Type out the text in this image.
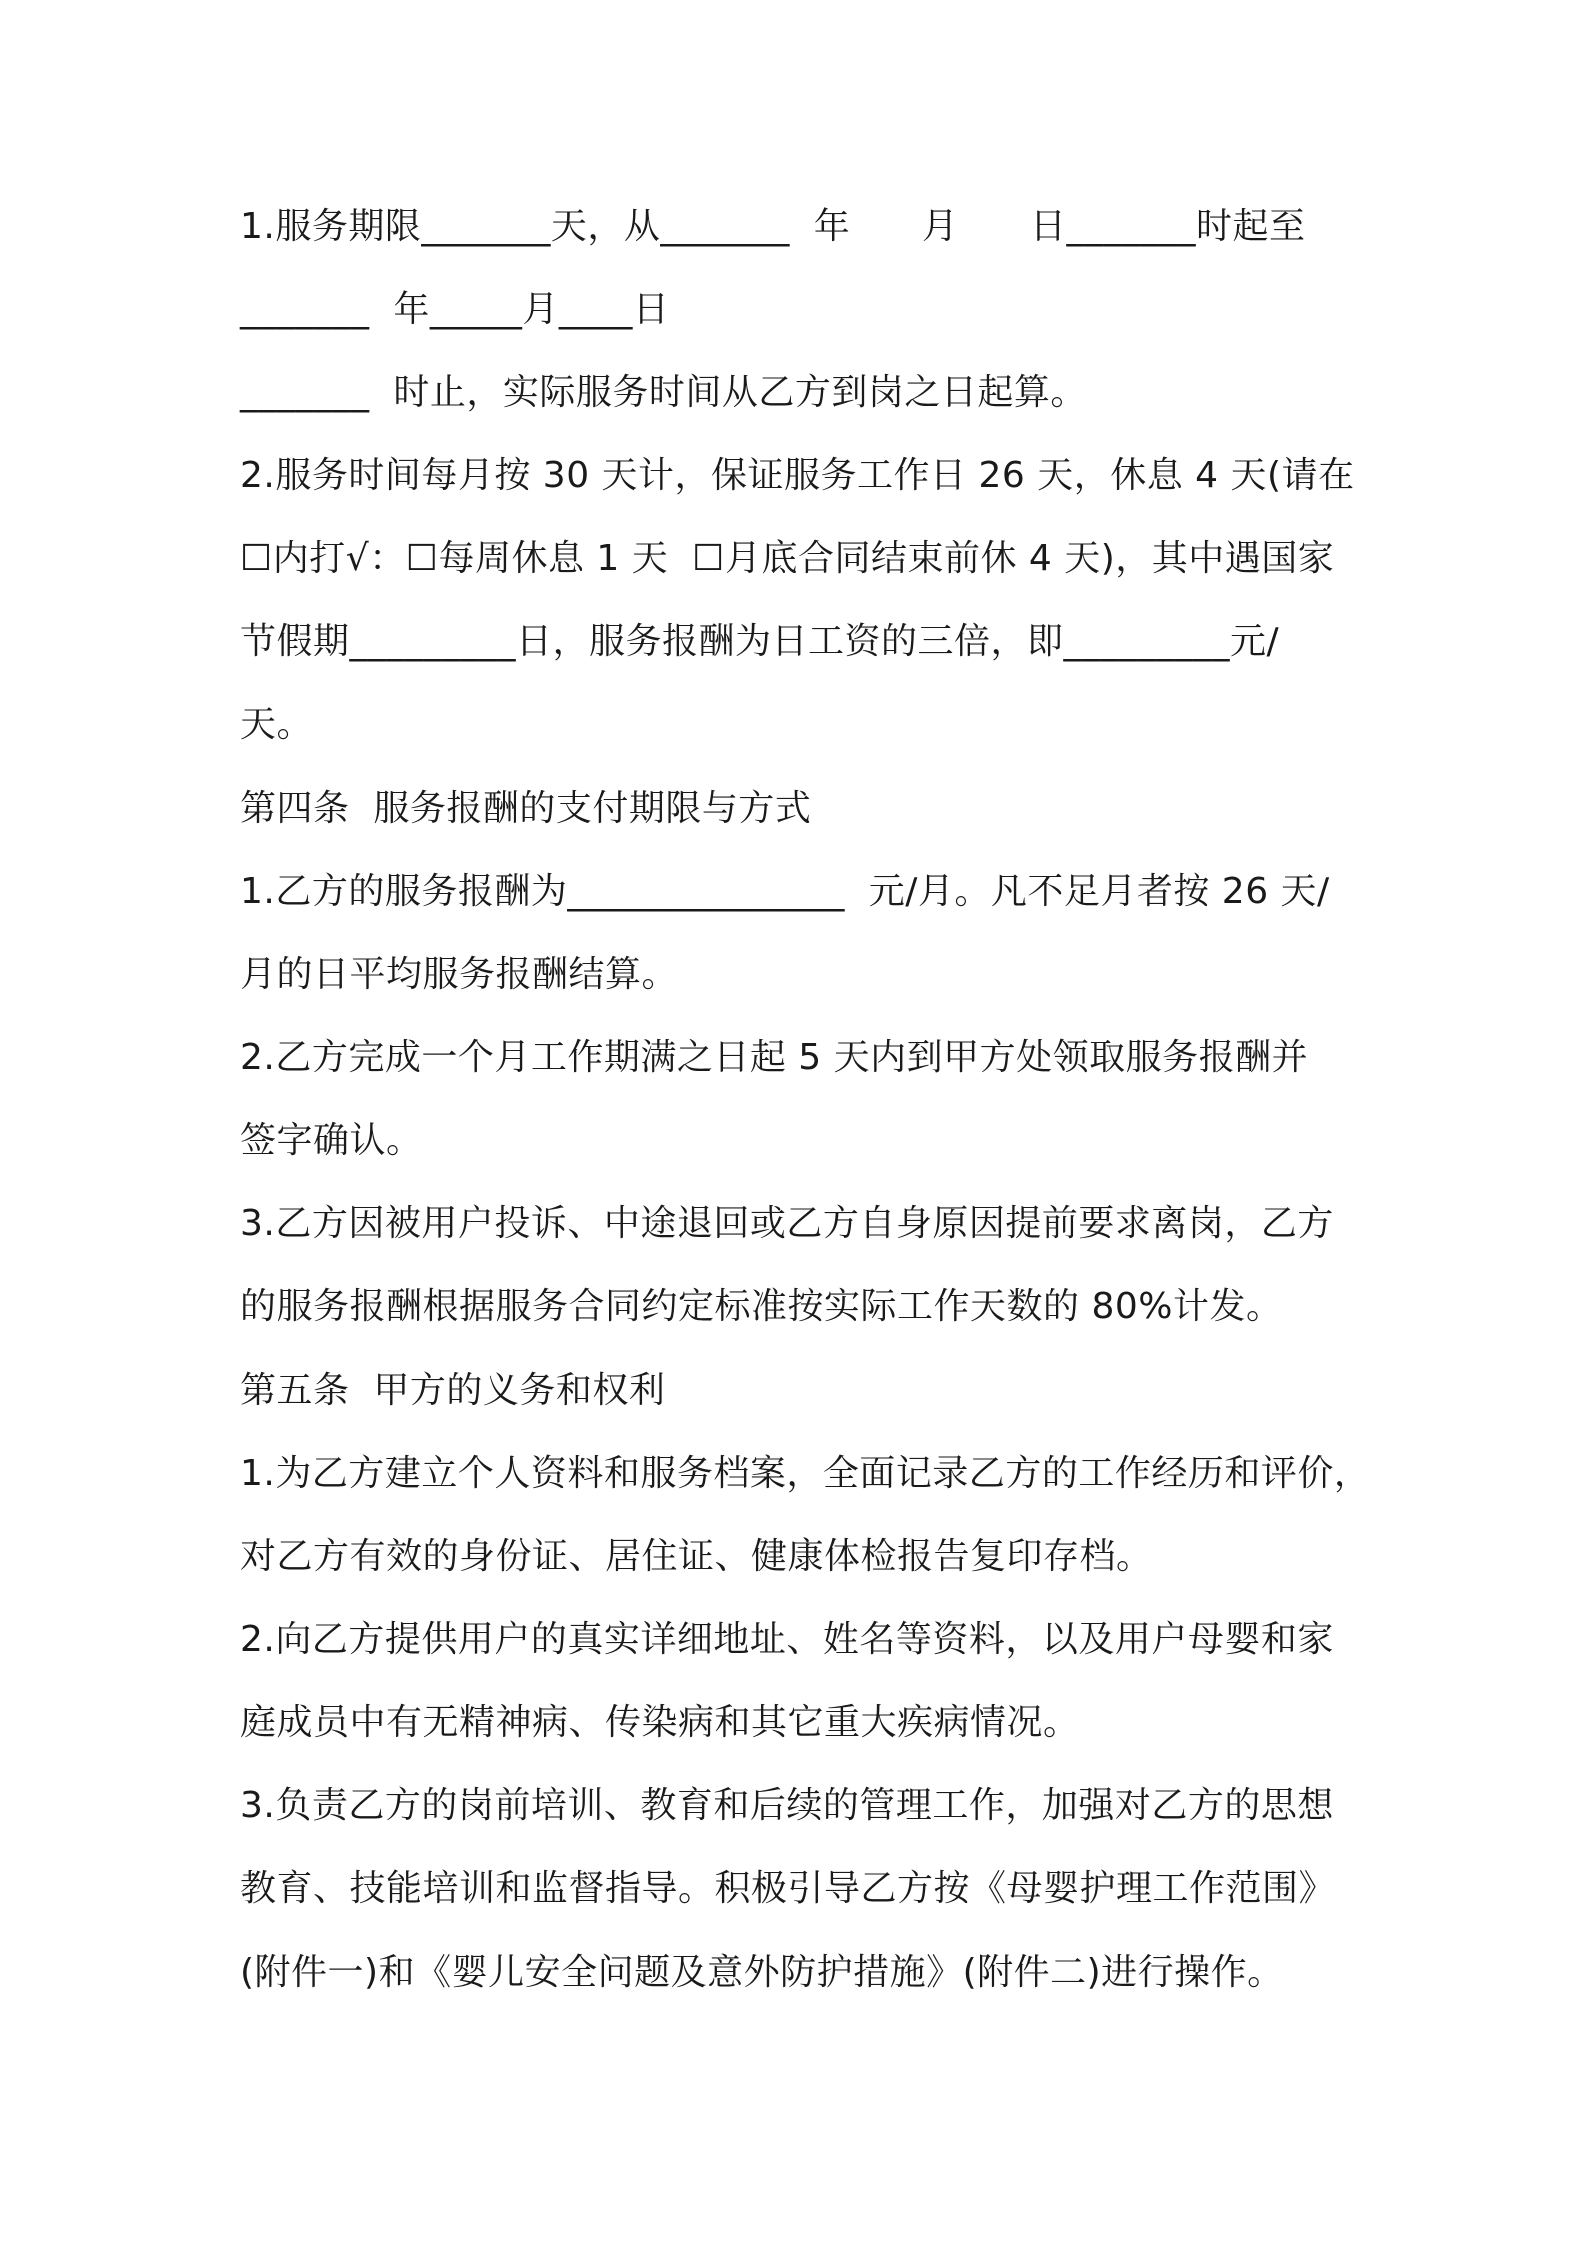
1.服务期限_______天，从_______  年      月      日_______时起至
_______  年_____月____日
_______  时止，实际服务时间从乙方到岗之日起算。
2.服务时间每月按 30 天计，保证服务工作日 26 天，休息 4 天(请在
☐内打√：☐每周休息 1 天  ☐月底合同结束前休 4 天)，其中遇国家
节假期_________日，服务报酬为日工资的三倍，即_________元/
天。
第四条  服务报酬的支付期限与方式
1.乙方的服务报酬为_______________  元/月。凡不足月者按 26 天/
月的日平均服务报酬结算。
2.乙方完成一个月工作期满之日起 5 天内到甲方处领取服务报酬并
签字确认。
3.乙方因被用户投诉、中途退回或乙方自身原因提前要求离岗，乙方
的服务报酬根据服务合同约定标准按实际工作天数的 80%计发。
第五条  甲方的义务和权利
1.为乙方建立个人资料和服务档案，全面记录乙方的工作经历和评价，
对乙方有效的身份证、居住证、健康体检报告复印存档。
2.向乙方提供用户的真实详细地址、姓名等资料，以及用户母婴和家
庭成员中有无精神病、传染病和其它重大疾病情况。
3.负责乙方的岗前培训、教育和后续的管理工作，加强对乙方的思想
教育、技能培训和监督指导。积极引导乙方按《母婴护理工作范围》
(附件一)和《婴儿安全问题及意外防护措施》(附件二)进行操作。
